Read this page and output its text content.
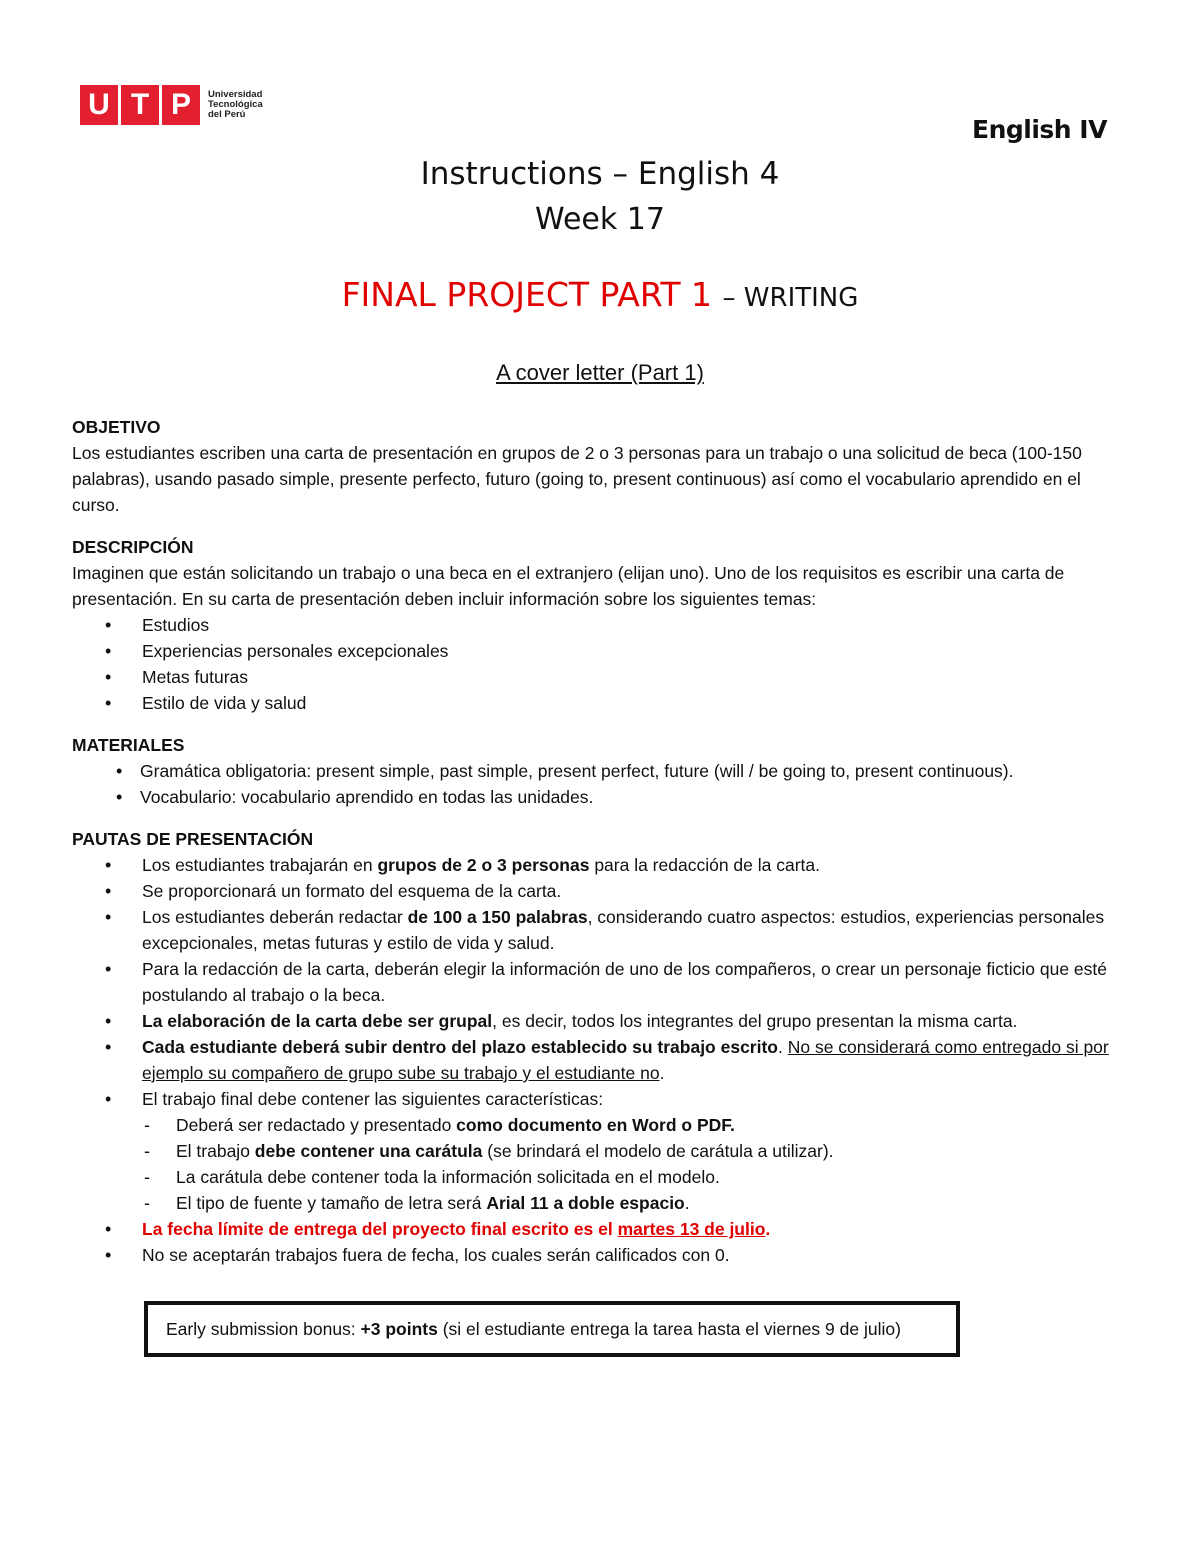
U T P	Universidad
Tecnológica
del Perú
English IV
Instructions – English 4
Week 17
FINAL PROJECT PART 1 – WRITING
A cover letter (Part 1)

OBJETIVO

Los estudiantes escriben una carta de presentación en grupos de 2 o 3 personas para un trabajo o una solicitud de beca (100-150 palabras), usando pasado simple, presente perfecto, futuro (going to, present continuous) así como el vocabulario aprendido en el curso.

DESCRIPCIÓN

Imaginen que están solicitando un trabajo o una beca en el extranjero (elijan uno). Uno de los requisitos es escribir una carta de presentación. En su carta de presentación deben incluir información sobre los siguientes temas:

• Estudios
• Experiencias personales excepcionales
• Metas futuras
• Estilo de vida y salud

MATERIALES

• Gramática obligatoria: present simple, past simple, present perfect, future (will / be going to, present continuous).
• Vocabulario: vocabulario aprendido en todas las unidades.

PAUTAS DE PRESENTACIÓN

• Los estudiantes trabajarán en grupos de 2 o 3 personas para la redacción de la carta.
• Se proporcionará un formato del esquema de la carta.
• Los estudiantes deberán redactar de 100 a 150 palabras, considerando cuatro aspectos: estudios, experiencias personales excepcionales, metas futuras y estilo de vida y salud.
• Para la redacción de la carta, deberán elegir la información de uno de los compañeros, o crear un personaje ficticio que esté postulando al trabajo o la beca.
• La elaboración de la carta debe ser grupal, es decir, todos los integrantes del grupo presentan la misma carta.
• Cada estudiante deberá subir dentro del plazo establecido su trabajo escrito. No se considerará como entregado si por ejemplo su compañero de grupo sube su trabajo y el estudiante no.
• El trabajo final debe contener las siguientes características:
- Deberá ser redactado y presentado como documento en Word o PDF.
- El trabajo debe contener una carátula (se brindará el modelo de carátula a utilizar).
- La carátula debe contener toda la información solicitada en el modelo.
- El tipo de fuente y tamaño de letra será Arial 11 a doble espacio.
• La fecha límite de entrega del proyecto final escrito es el martes 13 de julio.
• No se aceptarán trabajos fuera de fecha, los cuales serán calificados con 0.
Early submission bonus: +3 points (si el estudiante entrega la tarea hasta el viernes 9 de julio)
